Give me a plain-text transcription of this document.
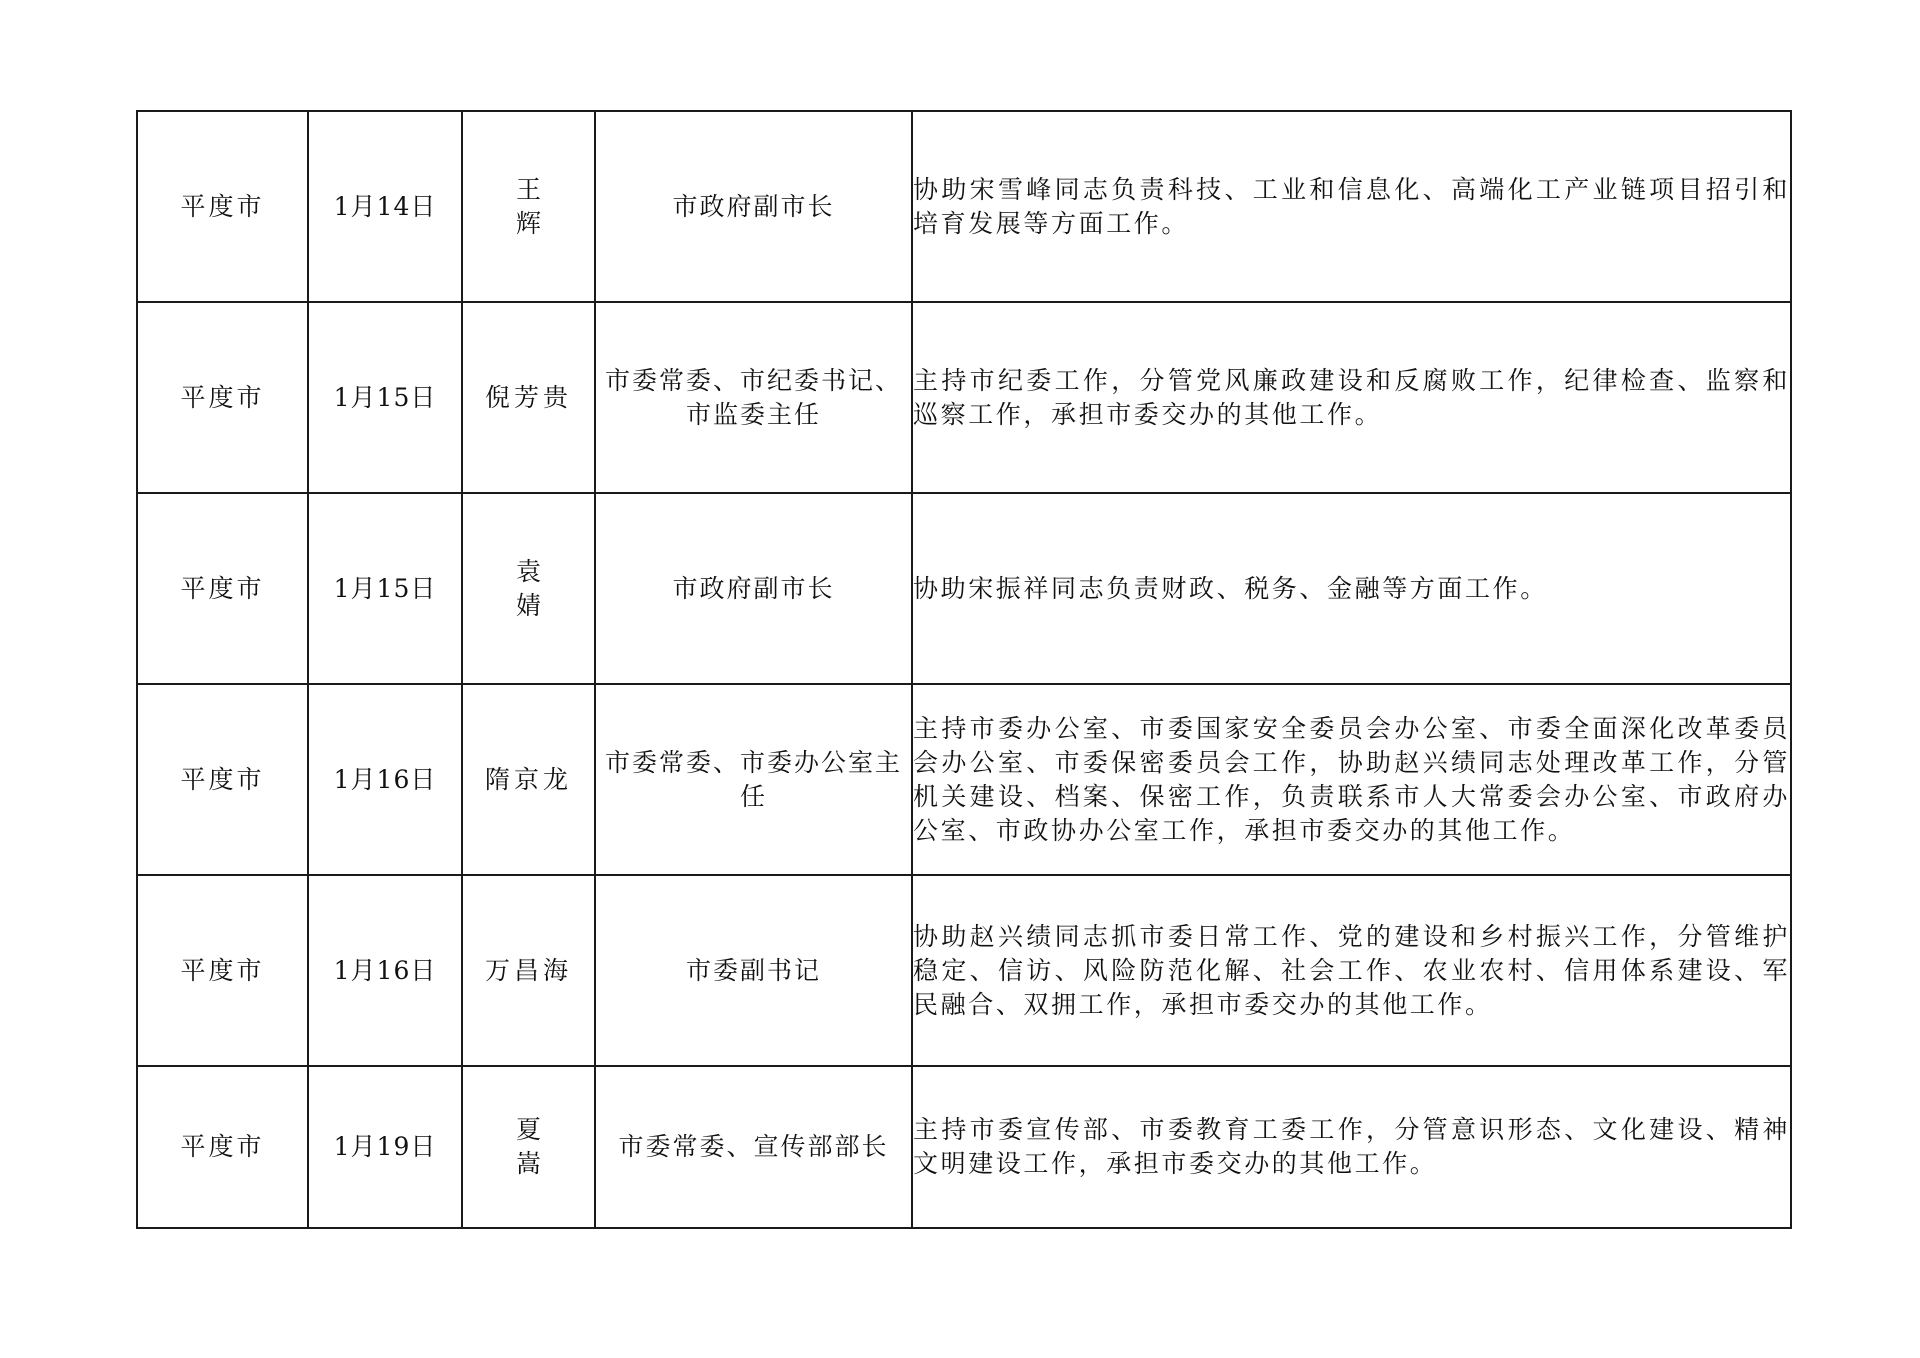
平度市	1月14日	王 辉	市政府副市长	协助宋雪峰同志负责科技、工业和信息化、高端化工产业链项目招引和培育发展等方面工作。
平度市	1月15日	倪芳贵	市委常委、市纪委书记、市监委主任	主持市纪委工作，分管党风廉政建设和反腐败工作，纪律检查、监察和巡察工作，承担市委交办的其他工作。
平度市	1月15日	袁 婧	市政府副市长	协助宋振祥同志负责财政、税务、金融等方面工作。
平度市	1月16日	隋京龙	市委常委、市委办公室主任	主持市委办公室、市委国家安全委员会办公室、市委全面深化改革委员会办公室、市委保密委员会工作，协助赵兴绩同志处理改革工作，分管机关建设、档案、保密工作，负责联系市人大常委会办公室、市政府办公室、市政协办公室工作，承担市委交办的其他工作。
平度市	1月16日	万昌海	市委副书记	协助赵兴绩同志抓市委日常工作、党的建设和乡村振兴工作，分管维护稳定、信访、风险防范化解、社会工作、农业农村、信用体系建设、军民融合、双拥工作，承担市委交办的其他工作。
平度市	1月19日	夏 嵩	市委常委、宣传部部长	主持市委宣传部、市委教育工委工作，分管意识形态、文化建设、精神文明建设工作，承担市委交办的其他工作。
